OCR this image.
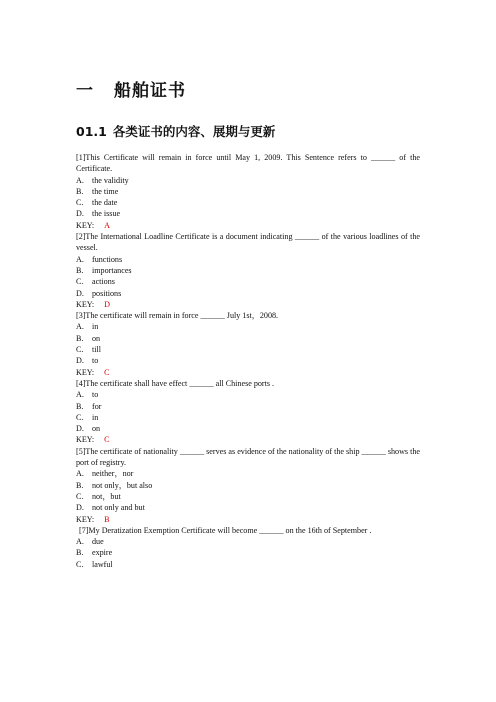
一 船舶证书
01.1 各类证书的内容、展期与更新
[1]This Certificate will remain in force until May 1, 2009. This Sentence refers to ______ of the Certificate.
A. the validity
B. the time
C. the date
D. the issue
KEY: A
[2]The International Loadline Certificate is a document indicating ______ of the various loadlines of the vessel.
A. functions
B. importances
C. actions
D. positions
KEY: D
[3]The certificate will remain in force ______ July 1st，2008.
A. in
B. on
C. till
D. to
KEY: C
[4]The certificate shall have effect ______ all Chinese ports .
A. to
B. for
C. in
D. on
KEY: C
[5]The certificate of nationality ______ serves as evidence of the nationality of the ship ______ shows the port of registry.
A. neither，nor
B. not only，but also
C. not，but
D. not only and but
KEY: B
[7]My Deratization Exemption Certificate will become ______ on the 16th of September .
A. due
B. expire
C. lawful
